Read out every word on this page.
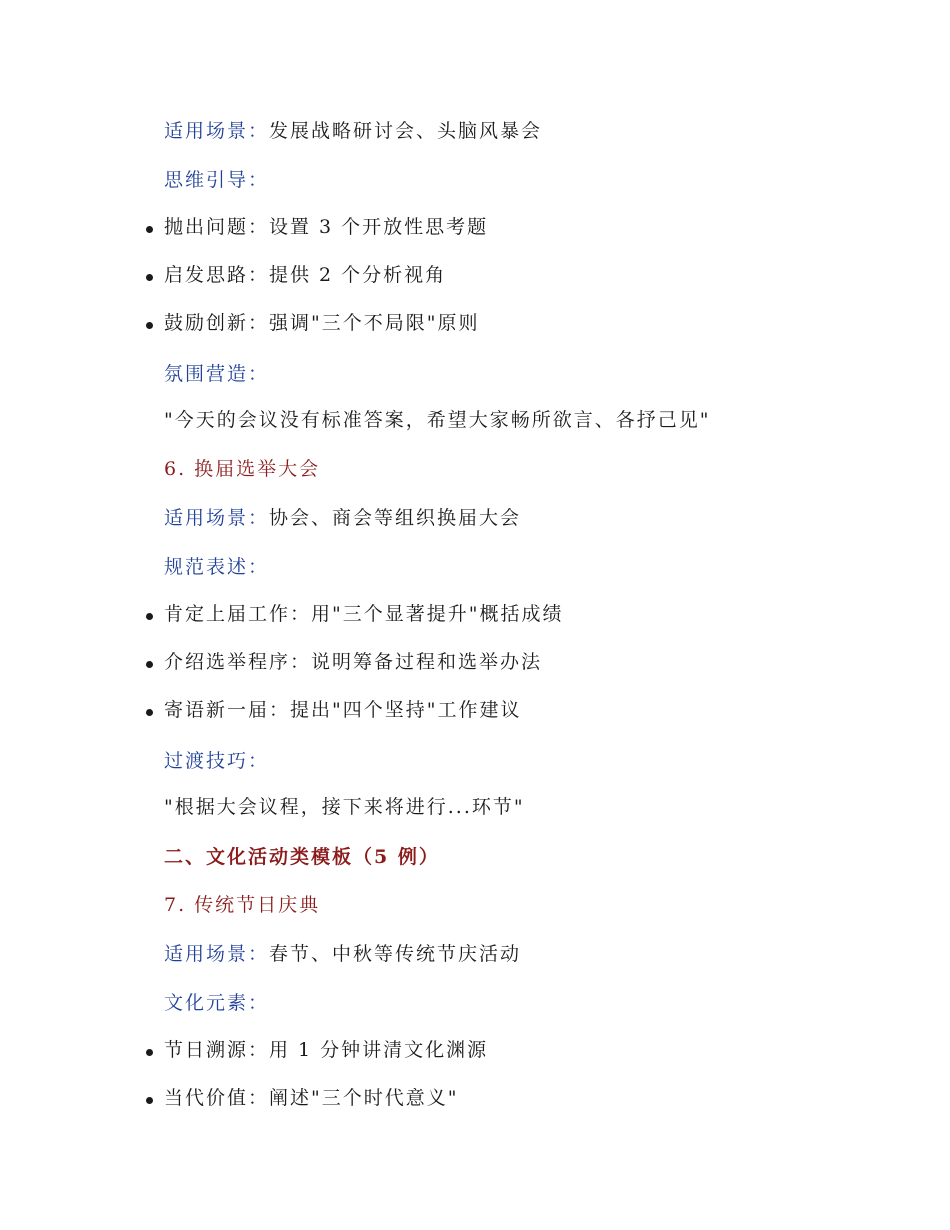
适用场景：发展战略研讨会、头脑风暴会
思维引导：
抛出问题：设置 3 个开放性思考题
启发思路：提供 2 个分析视角
鼓励创新：强调"三个不局限"原则
氛围营造：
"今天的会议没有标准答案，希望大家畅所欲言、各抒己见"
6. 换届选举大会
适用场景：协会、商会等组织换届大会
规范表述：
肯定上届工作：用"三个显著提升"概括成绩
介绍选举程序：说明筹备过程和选举办法
寄语新一届：提出"四个坚持"工作建议
过渡技巧：
"根据大会议程，接下来将进行...环节"
二、文化活动类模板（5 例）
7. 传统节日庆典
适用场景：春节、中秋等传统节庆活动
文化元素：
节日溯源：用 1 分钟讲清文化渊源
当代价值：阐述"三个时代意义"
